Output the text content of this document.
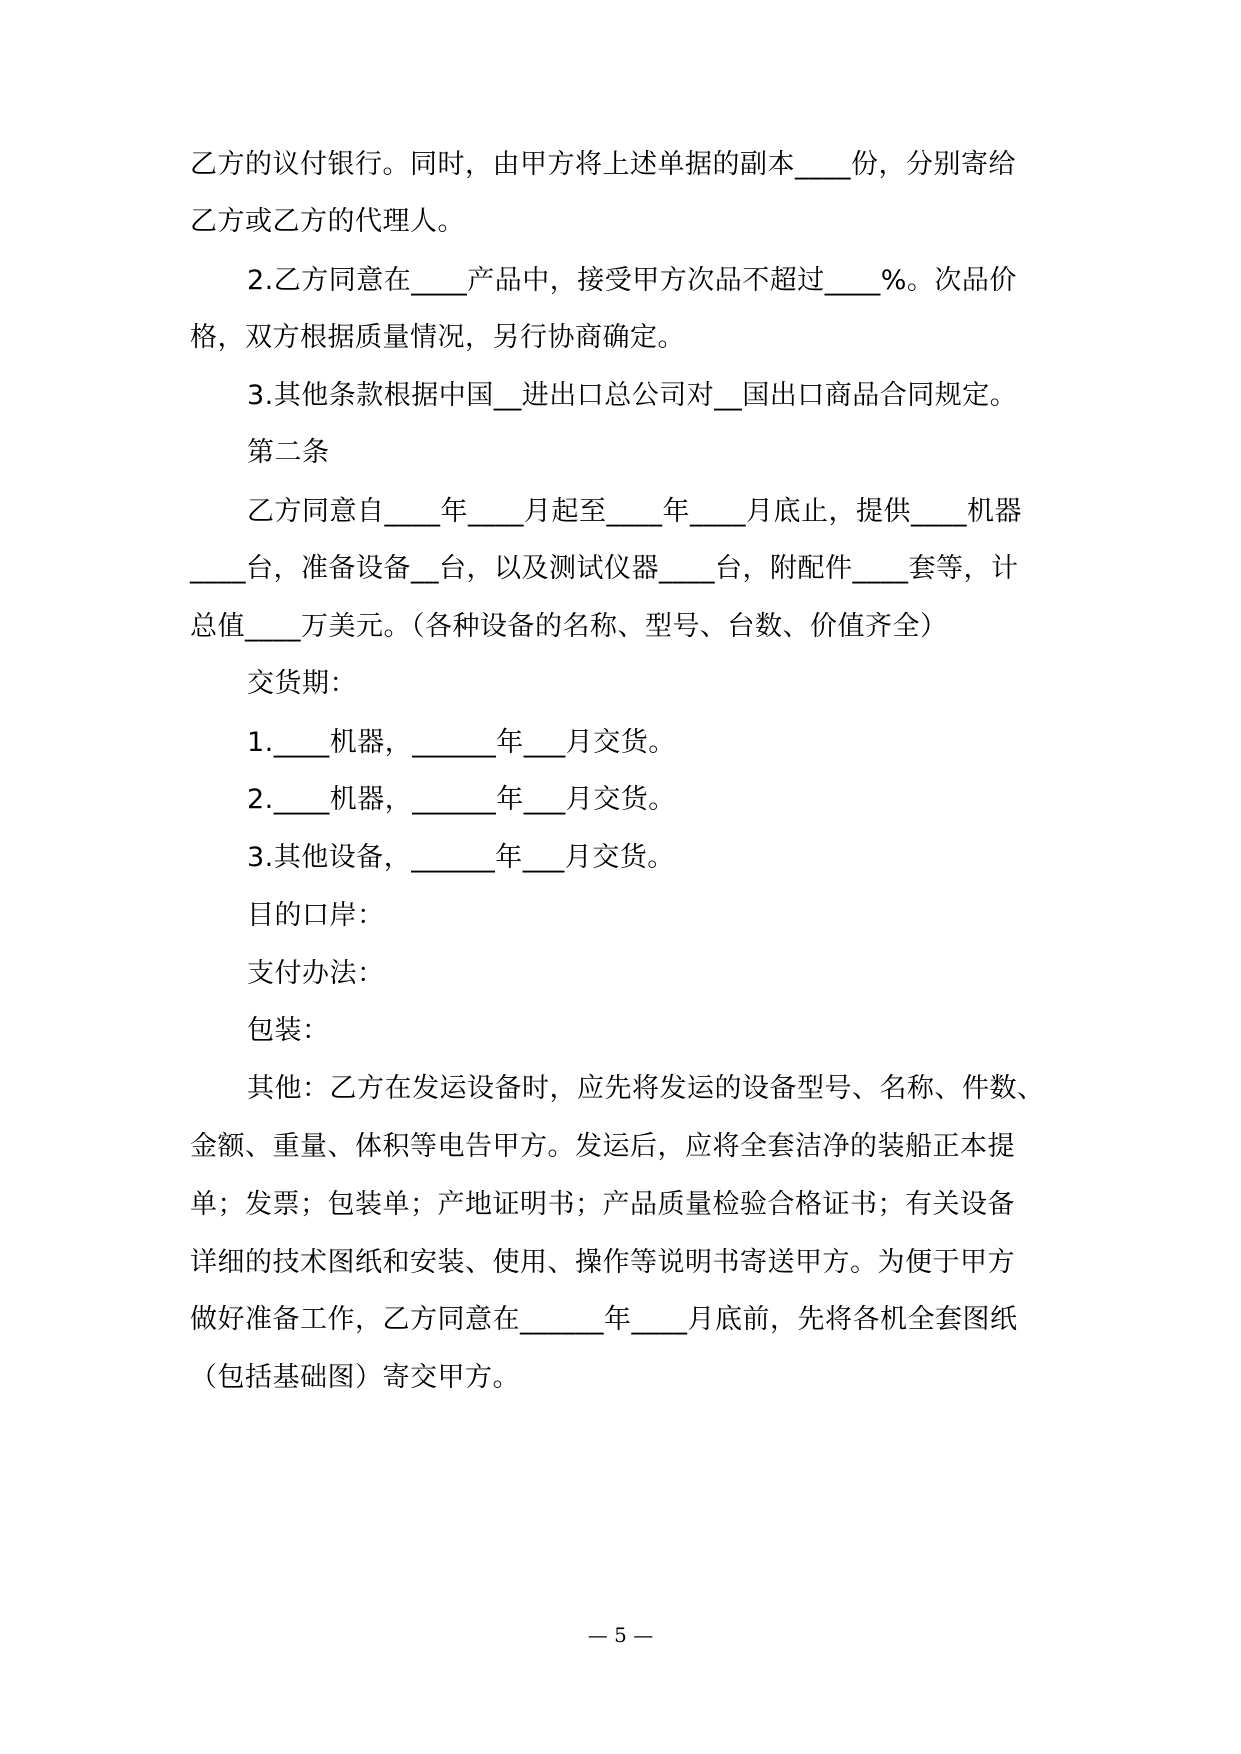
乙方的议付银行。同时，由甲方将上述单据的副本____份，分别寄给
乙方或乙方的代理人。
2.乙方同意在____产品中，接受甲方次品不超过____%。次品价
格，双方根据质量情况，另行协商确定。
3.其他条款根据中国__进出口总公司对__国出口商品合同规定。
第二条
乙方同意自____年____月起至____年____月底止，提供____机器
____台，准备设备__台，以及测试仪器____台，附配件____套等，计
总值____万美元。（各种设备的名称、型号、台数、价值齐全）
交货期：
1.____机器，______年___月交货。
2.____机器，______年___月交货。
3.其他设备，______年___月交货。
目的口岸：
支付办法：
包装：
其他：乙方在发运设备时，应先将发运的设备型号、名称、件数、
金额、重量、体积等电告甲方。发运后，应将全套洁净的装船正本提
单；发票；包装单；产地证明书；产品质量检验合格证书；有关设备
详细的技术图纸和安装、使用、操作等说明书寄送甲方。为便于甲方
做好准备工作，乙方同意在______年____月底前，先将各机全套图纸
（包括基础图）寄交甲方。
— 5 —
